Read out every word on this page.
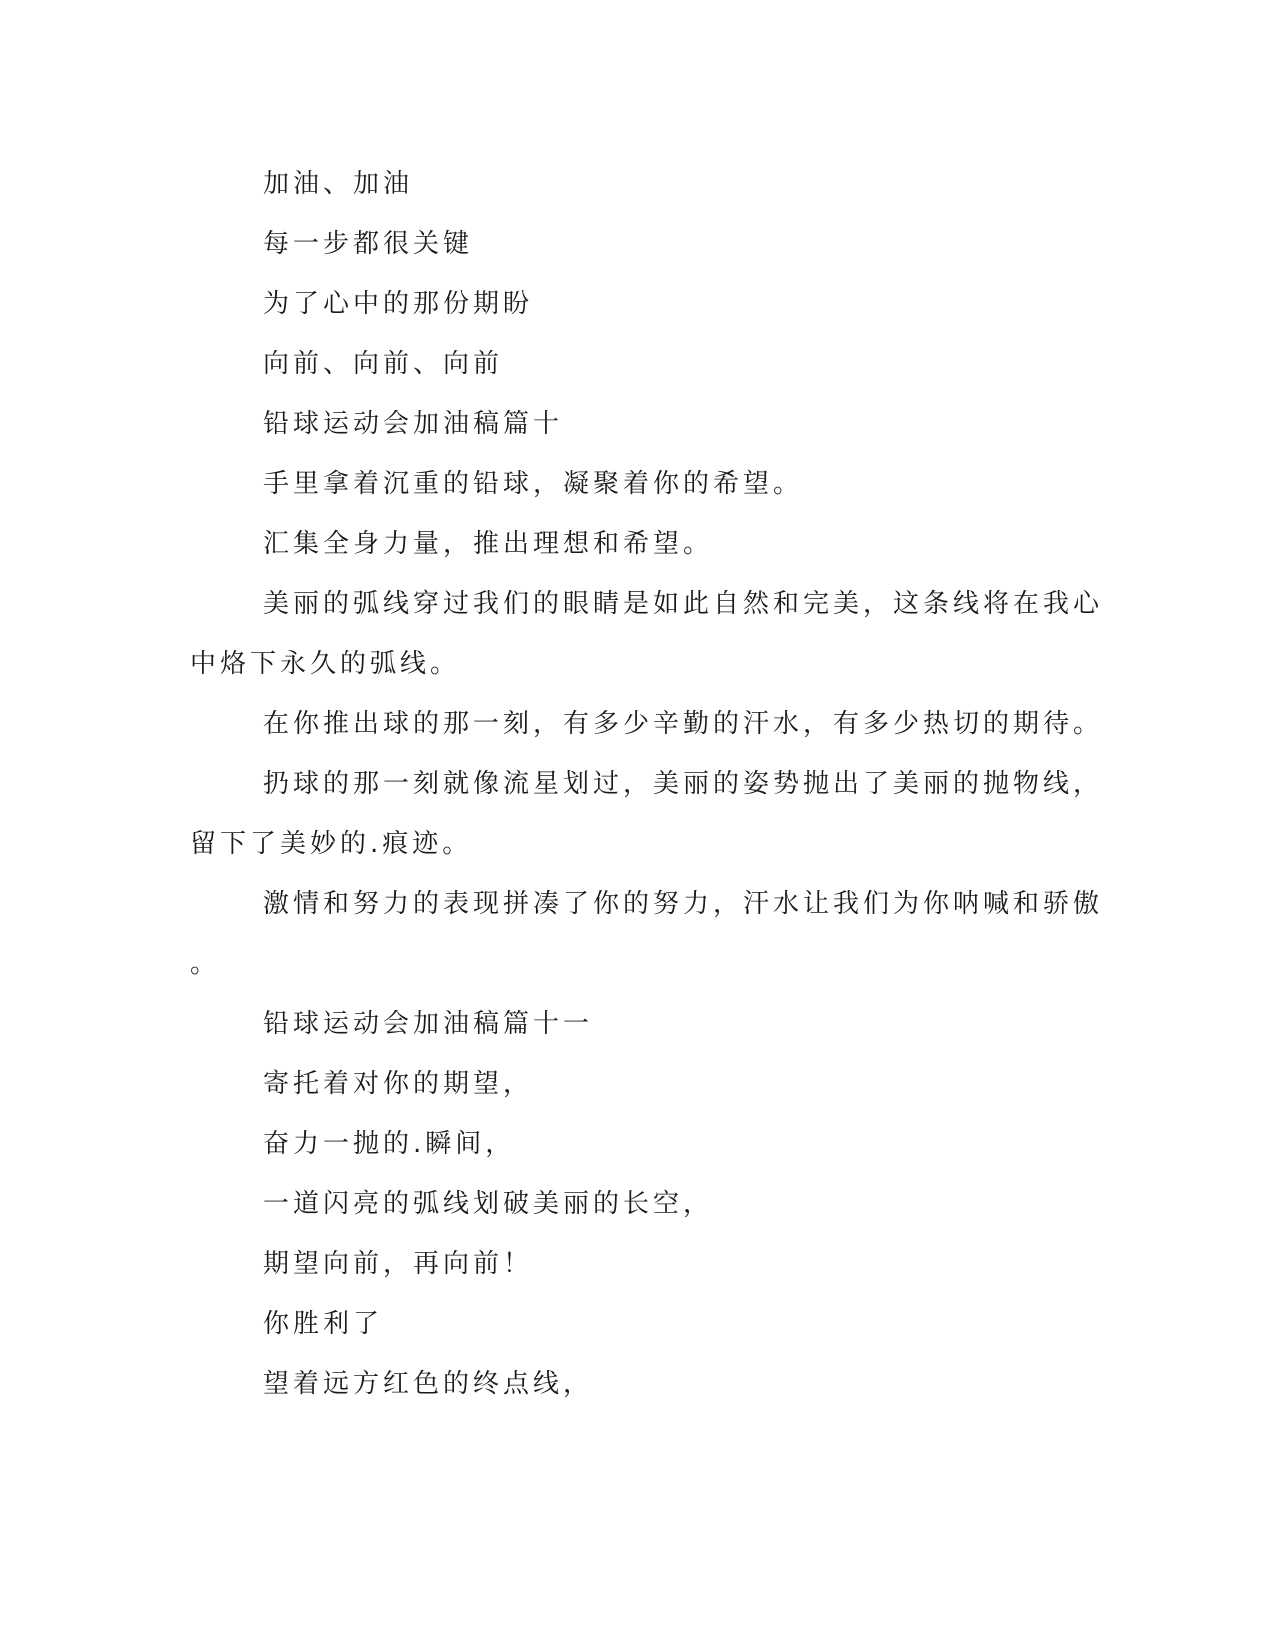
加油、加油
每一步都很关键
为了心中的那份期盼
向前、向前、向前
铅球运动会加油稿篇十
手里拿着沉重的铅球，凝聚着你的希望。
汇集全身力量，推出理想和希望。
美丽的弧线穿过我们的眼睛是如此自然和完美，这条线将在我心
中烙下永久的弧线。
在你推出球的那一刻，有多少辛勤的汗水，有多少热切的期待。
扔球的那一刻就像流星划过，美丽的姿势抛出了美丽的抛物线，
留下了美妙的.痕迹。
激情和努力的表现拼凑了你的努力，汗水让我们为你呐喊和骄傲
。
铅球运动会加油稿篇十一
寄托着对你的期望，
奋力一抛的.瞬间，
一道闪亮的弧线划破美丽的长空，
期望向前，再向前！
你胜利了
望着远方红色的终点线，
